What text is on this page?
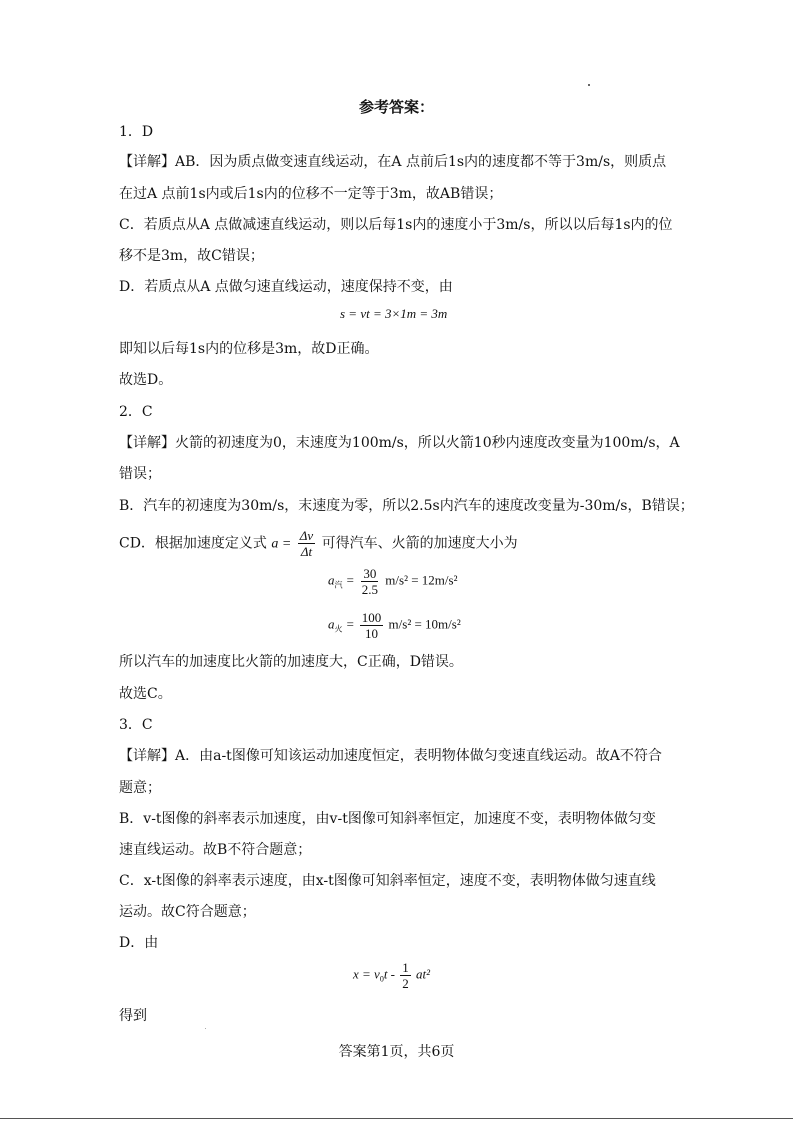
参考答案：
1．D
【详解】AB．因为质点做变速直线运动，在A 点前后1s内的速度都不等于3m/s，则质点
在过A 点前1s内或后1s内的位移不一定等于3m，故AB错误；
C．若质点从A 点做减速直线运动，则以后每1s内的速度小于3m/s，所以以后每1s内的位
移不是3m，故C错误；
D．若质点从A 点做匀速直线运动，速度保持不变，由
s = vt = 3×1m = 3m
即知以后每1s内的位移是3m，故D正确。
故选D。
2．C
【详解】火箭的初速度为0，末速度为100m/s，所以火箭10秒内速度改变量为100m/s，A
错误；
B．汽车的初速度为30m/s，末速度为零，所以2.5s内汽车的速度改变量为-30m/s，B错误；
CD．根据加速度定义式 $a = \frac{\Delta v}{\Delta t}$ 可得汽车、火箭的加速度大小为
$a_汽 = \frac{30}{2.5} m/s^2 = 12m/s^2$
$a_火 = \frac{100}{10} m/s^2 = 10m/s^2$
所以汽车的加速度比火箭的加速度大，C正确，D错误。
故选C。
3．C
【详解】A．由a-t图像可知该运动加速度恒定，表明物体做匀变速直线运动。故A不符合
题意；
B．v-t图像的斜率表示加速度，由v-t图像可知斜率恒定，加速度不变，表明物体做匀变
速直线运动。故B不符合题意；
C．x-t图像的斜率表示速度，由x-t图像可知斜率恒定，速度不变，表明物体做匀速直线
运动。故C符合题意；
D．由
$x = v_0t - \frac{1}{2} at^2$
得到
答案第1页，共6页
